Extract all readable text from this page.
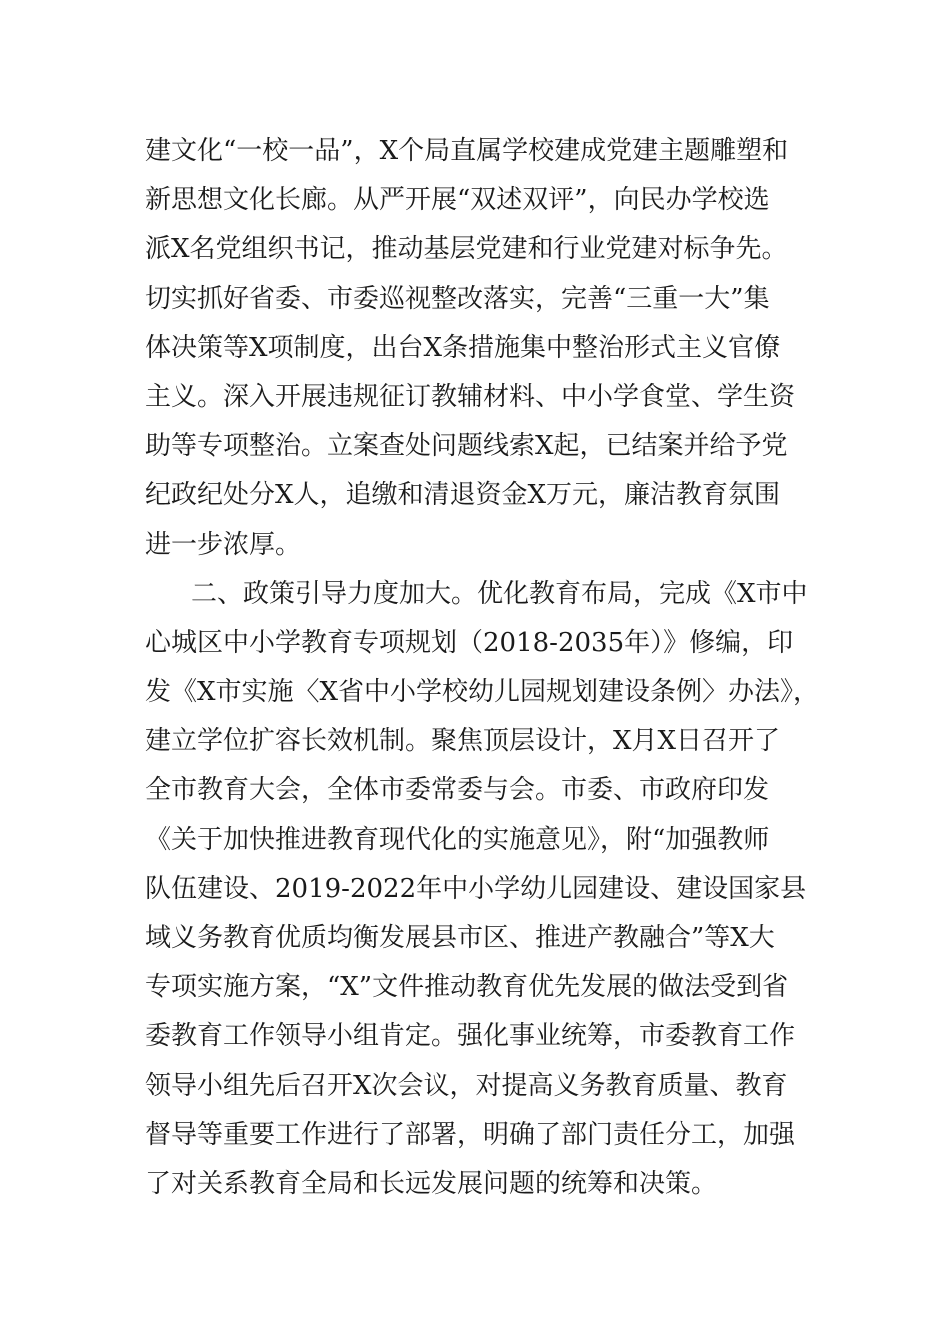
建文化“一校一品”，X个局直属学校建成党建主题雕塑和
新思想文化长廊。从严开展“双述双评”，向民办学校选
派X名党组织书记，推动基层党建和行业党建对标争先。
切实抓好省委、市委巡视整改落实，完善“三重一大”集
体决策等X项制度，出台X条措施集中整治形式主义官僚
主义。深入开展违规征订教辅材料、中小学食堂、学生资
助等专项整治。立案查处问题线索X起，已结案并给予党
纪政纪处分X人，追缴和清退资金X万元，廉洁教育氛围
进一步浓厚。
二、政策引导力度加大。优化教育布局，完成《X市中
心城区中小学教育专项规划（2018-2035年）》修编，印
发《X市实施〈X省中小学校幼儿园规划建设条例〉办法》，
建立学位扩容长效机制。聚焦顶层设计，X月X日召开了
全市教育大会，全体市委常委与会。市委、市政府印发
《关于加快推进教育现代化的实施意见》，附“加强教师
队伍建设、2019-2022年中小学幼儿园建设、建设国家县
域义务教育优质均衡发展县市区、推进产教融合”等X大
专项实施方案，“X”文件推动教育优先发展的做法受到省
委教育工作领导小组肯定。强化事业统筹，市委教育工作
领导小组先后召开X次会议，对提高义务教育质量、教育
督导等重要工作进行了部署，明确了部门责任分工，加强
了对关系教育全局和长远发展问题的统筹和决策。
